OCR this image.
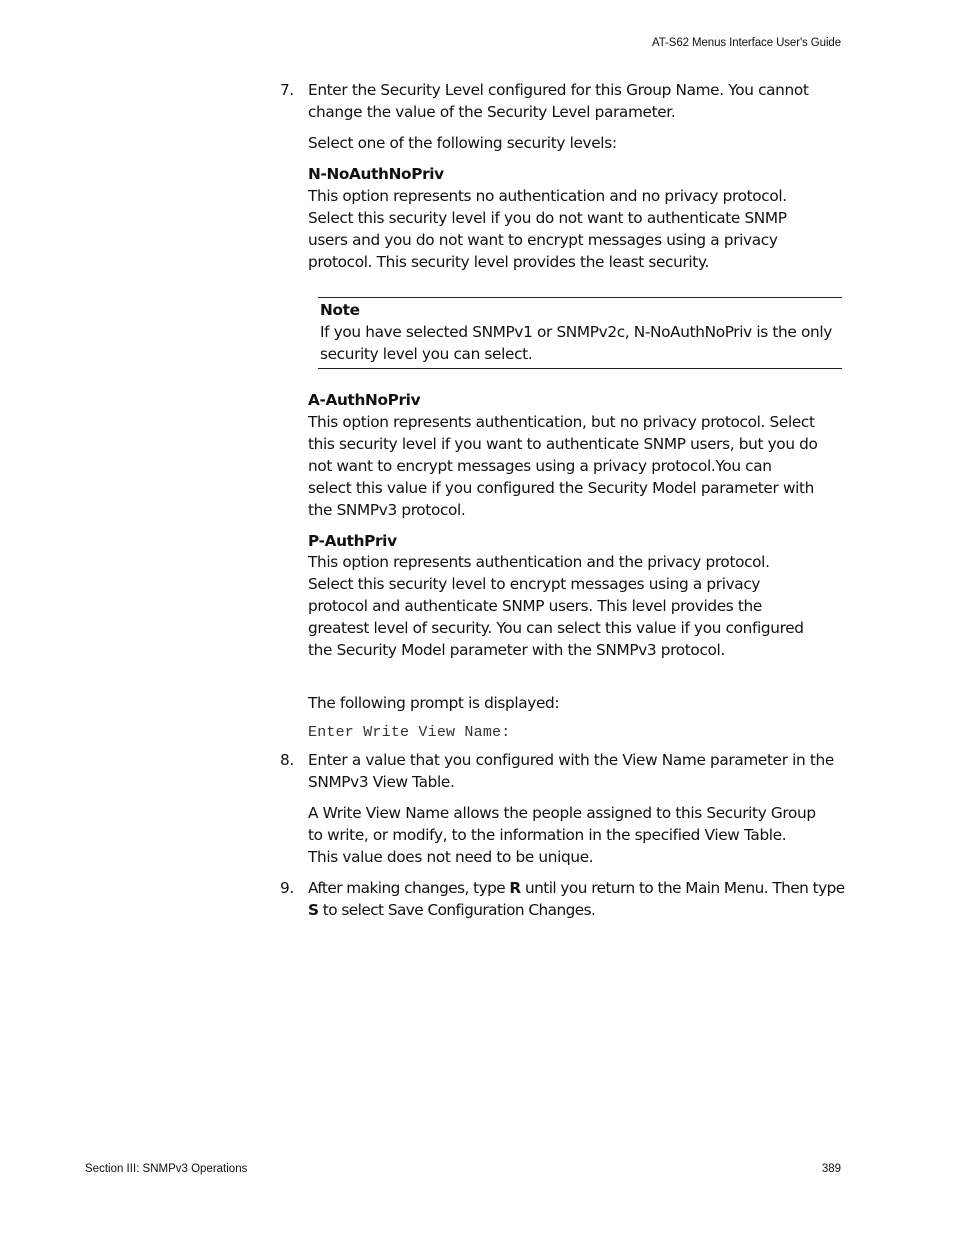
AT-S62 Menus Interface User's Guide
7. Enter the Security Level configured for this Group Name. You cannot change the value of the Security Level parameter.

Select one of the following security levels:
N-NoAuthNoPriv
This option represents no authentication and no privacy protocol. Select this security level if you do not want to authenticate SNMP users and you do not want to encrypt messages using a privacy protocol. This security level provides the least security.
Note
If you have selected SNMPv1 or SNMPv2c, N-NoAuthNoPriv is the only security level you can select.
A-AuthNoPriv
This option represents authentication, but no privacy protocol. Select this security level if you want to authenticate SNMP users, but you do not want to encrypt messages using a privacy protocol.You can select this value if you configured the Security Model parameter with the SNMPv3 protocol.
P-AuthPriv
This option represents authentication and the privacy protocol. Select this security level to encrypt messages using a privacy protocol and authenticate SNMP users. This level provides the greatest level of security. You can select this value if you configured the Security Model parameter with the SNMPv3 protocol.
The following prompt is displayed:
Enter Write View Name:
8. Enter a value that you configured with the View Name parameter in the SNMPv3 View Table.
A Write View Name allows the people assigned to this Security Group to write, or modify, to the information in the specified View Table. This value does not need to be unique.
9. After making changes, type R until you return to the Main Menu. Then type S to select Save Configuration Changes.
Section III: SNMPv3 Operations	389
